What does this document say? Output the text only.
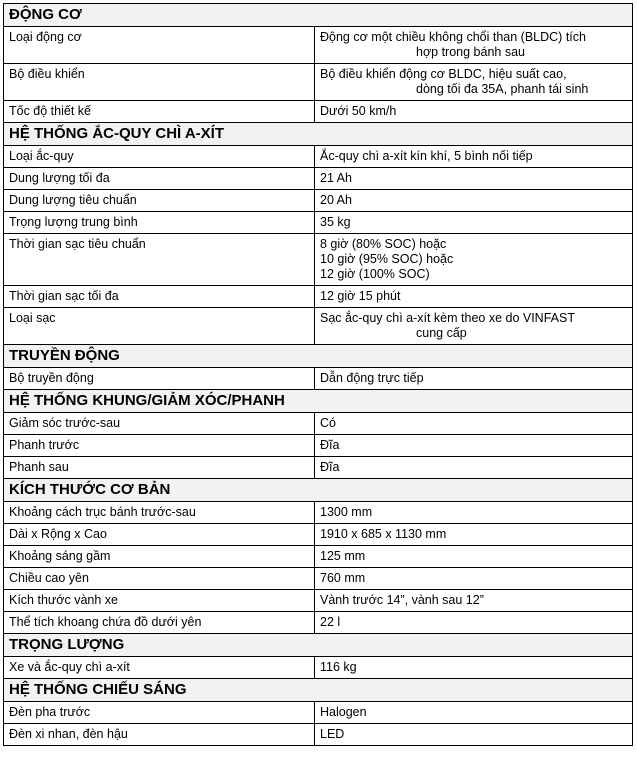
ĐỘNG CƠ	
Loại động cơ	Động cơ một chiều không chổi than (BLDC) tích
hợp trong bánh sau

Bộ điều khiển	Bộ điều khiển động cơ BLDC, hiệu suất cao,
dòng tối đa 35A, phanh tái sinh

Tốc độ thiết kế	Dưới 50 km/h
HỆ THỐNG ẮC-QUY CHÌ A-XÍT	
Loại ắc-quy	Ắc-quy chì a-xít kín khí, 5 bình nối tiếp
Dung lượng tối đa	21 Ah
Dung lượng tiêu chuẩn	20 Ah
Trọng lượng trung bình	35 kg
Thời gian sạc tiêu chuẩn	8 giờ (80% SOC) hoặc
10 giờ (95% SOC) hoặc
12 giờ (100% SOC)

Thời gian sạc tối đa	12 giờ 15 phút
Loại sạc	Sạc ắc-quy chì a-xít kèm theo xe do VINFAST
cung cấp

TRUYỀN ĐỘNG	
Bộ truyền động	Dẫn động trực tiếp
HỆ THỐNG KHUNG/GIẢM XÓC/PHANH	
Giảm sóc trước-sau	Có
Phanh trước	Đĩa
Phanh sau	Đĩa
KÍCH THƯỚC CƠ BẢN	
Khoảng cách trục bánh trước-sau	1300 mm
Dài x Rộng x Cao	1910 x 685 x 1130 mm
Khoảng sáng gầm	125 mm
Chiều cao yên	760 mm
Kích thước vành xe	Vành trước 14”, vành sau 12”
Thể tích khoang chứa đồ dưới yên	22 l
TRỌNG LƯỢNG	
Xe và ắc-quy chì a-xít	116 kg
HỆ THỐNG CHIẾU SÁNG	
Đèn pha trước	Halogen
Đèn xi nhan, đèn hậu	LED
